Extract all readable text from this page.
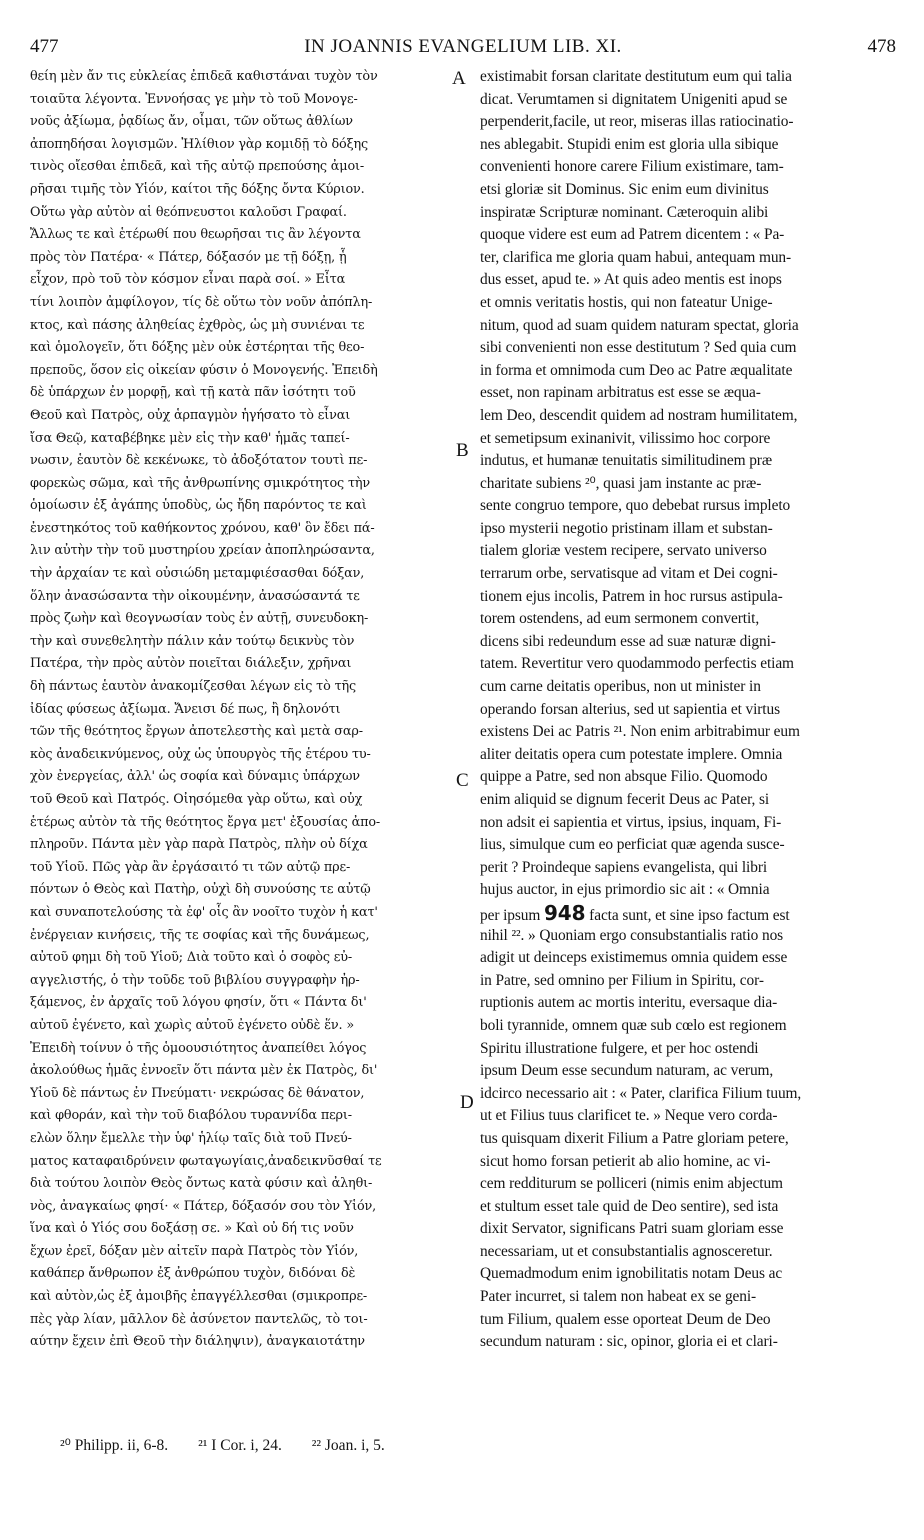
477	IN JOANNIS EVANGELIUM LIB. XI.	478
θείη μὲν ἄν τις εὐκλείας ἐπιδεᾶ καθιστάναι τυχὸν τὸν
τοιαῦτα λέγοντα. Ἐννοήσας γε μὴν τὸ τοῦ Μονογε-
νοῦς ἀξίωμα, ῥᾳδίως ἄν, οἶμαι, τῶν οὕτως ἀθλίων
ἀποπηδήσαι λογισμῶν. Ἠλίθιον γὰρ κομιδῇ τὸ δόξης
τινὸς οἴεσθαι ἐπιδεᾶ, καὶ τῆς αὐτῷ πρεπούσης ἀμοι-
ρῆσαι τιμῆς τὸν Υἱόν, καίτοι τῆς δόξης ὄντα Κύριον.
Οὕτω γὰρ αὐτὸν αἱ θεόπνευστοι καλοῦσι Γραφαί.
Ἄλλως τε καὶ ἑτέρωθί που θεωρῆσαι τις ἂν λέγοντα
πρὸς τὸν Πατέρα· « Πάτερ, δόξασόν με τῇ δόξῃ, ᾗ
εἶχον, πρὸ τοῦ τὸν κόσμον εἶναι παρὰ σοί. » Εἶτα
τίνι λοιπὸν ἀμφίλογον, τίς δὲ οὕτω τὸν νοῦν ἀπόπλη-
κτος, καὶ πάσης ἀληθείας ἐχθρὸς, ὡς μὴ συνιέναι τε
καὶ ὁμολογεῖν, ὅτι δόξης μὲν οὐκ ἐστέρηται τῆς θεο-
πρεποῦς, ὅσον εἰς οἰκείαν φύσιν ὁ Μονογενής. Ἐπειδὴ
δὲ ὑπάρχων ἐν μορφῇ, καὶ τῇ κατὰ πᾶν ἰσότητι τοῦ
Θεοῦ καὶ Πατρὸς, οὐχ ἁρπαγμὸν ἡγήσατο τὸ εἶναι
ἴσα Θεῷ, καταβέβηκε μὲν εἰς τὴν καθ' ἡμᾶς ταπεί-
νωσιν, ἑαυτὸν δὲ κεκένωκε, τὸ ἀδοξότατον τουτὶ πε-
φορεκὼς σῶμα, καὶ τῆς ἀνθρωπίνης σμικρότητος τὴν
ὁμοίωσιν ἐξ ἀγάπης ὑποδὺς, ὡς ἤδη παρόντος τε καὶ
ἐνεστηκότος τοῦ καθήκοντος χρόνου, καθ' ὃν ἔδει πά-
λιν αὐτὴν τὴν τοῦ μυστηρίου χρείαν ἀποπληρώσαντα,
τὴν ἀρχαίαν τε καὶ οὐσιώδη μεταμφιέσασθαι δόξαν,
ὅλην ἀνασώσαντα τὴν οἰκουμένην, ἀνασώσαντά τε
πρὸς ζωὴν καὶ θεογνωσίαν τοὺς ἐν αὐτῇ, συνευδοκη-
τὴν καὶ συνεθελητὴν πάλιν κἀν τούτῳ δεικνὺς τὸν
Πατέρα, τὴν πρὸς αὐτὸν ποιεῖται διάλεξιν, χρῆναι
δὴ πάντως ἑαυτὸν ἀνακομίζεσθαι λέγων εἰς τὸ τῆς
ἰδίας φύσεως ἀξίωμα. Ἄνεισι δέ πως, ἢ δηλονότι
τῶν τῆς θεότητος ἔργων ἀποτελεστὴς καὶ μετὰ σαρ-
κὸς ἀναδεικνύμενος, οὐχ ὡς ὑπουργὸς τῆς ἑτέρου τυ-
χὸν ἐνεργείας, ἀλλ' ὡς σοφία καὶ δύναμις ὑπάρχων
τοῦ Θεοῦ καὶ Πατρός. Οἰησόμεθα γὰρ οὕτω, καὶ οὐχ
ἑτέρως αὐτὸν τὰ τῆς θεότητος ἔργα μετ' ἐξουσίας ἀπο-
πληροῦν. Πάντα μὲν γὰρ παρὰ Πατρὸς, πλὴν οὐ δίχα
τοῦ Υἱοῦ. Πῶς γὰρ ἂν ἐργάσαιτό τι τῶν αὐτῷ πρε-
πόντων ὁ Θεὸς καὶ Πατὴρ, οὐχὶ δὴ συνούσης τε αὐτῷ
καὶ συναποτελούσης τὰ ἐφ' οἷς ἂν νοοῖτο τυχὸν ἡ κατ'
ἐνέργειαν κινήσεις, τῆς τε σοφίας καὶ τῆς δυνάμεως,
αὐτοῦ φημι δὴ τοῦ Υἱοῦ; Διὰ τοῦτο καὶ ὁ σοφὸς εὐ-
αγγελιστής, ὁ τὴν τοῦδε τοῦ βιβλίου συγγραφὴν ἠρ-
ξάμενος, ἐν ἀρχαῖς τοῦ λόγου φησίν, ὅτι « Πάντα δι'
αὐτοῦ ἐγένετο, καὶ χωρὶς αὐτοῦ ἐγένετο οὐδὲ ἕν. »
Ἐπειδὴ τοίνυν ὁ τῆς ὁμοουσιότητος ἀναπείθει λόγος
ἀκολούθως ἡμᾶς ἐννοεῖν ὅτι πάντα μὲν ἐκ Πατρὸς, δι'
Υἱοῦ δὲ πάντως ἐν Πνεύματι· νεκρώσας δὲ θάνατον,
καὶ φθοράν, καὶ τὴν τοῦ διαβόλου τυραννίδα περι-
ελὼν ὅλην ἔμελλε τὴν ὑφ' ἡλίῳ ταῖς διὰ τοῦ Πνεύ-
ματος καταφαιδρύνειν φωταγωγίαις,ἀναδεικνῦσθαί τε
διὰ τούτου λοιπὸν Θεὸς ὄντως κατὰ φύσιν καὶ ἀληθι-
νὸς, ἀναγκαίως φησί· « Πάτερ, δόξασόν σου τὸν Υἱόν,
ἵνα καὶ ὁ Υἱός σου δοξάσῃ σε. » Καὶ οὐ δή τις νοῦν
ἔχων ἐρεῖ, δόξαν μὲν αἰτεῖν παρὰ Πατρὸς τὸν Υἱόν,
καθάπερ ἄνθρωπον ἐξ ἀνθρώπου τυχὸν, διδόναι δὲ
καὶ αὐτὸν,ὡς ἐξ ἀμοιβῆς ἐπαγγέλλεσθαι (σμικροπρε-
πὲς γὰρ λίαν, μᾶλλον δὲ ἀσύνετον παντελῶς, τὸ τοι-
αύτην ἔχειν ἐπὶ Θεοῦ τὴν διάληψιν), ἀναγκαιοτάτην
existimabit forsan claritate destitutum eum qui talia
dicat. Verumtamen si dignitatem Unigeniti apud se
perpenderit,facile, ut reor, miseras illas ratiocinatio-
nes ablegabit. Stupidi enim est gloria ulla sibique
convenienti honore carere Filium existimare, tam-
etsi gloriæ sit Dominus. Sic enim eum divinitus
inspiratæ Scripturæ nominant. Cæteroquin alibi
quoque videre est eum ad Patrem dicentem : « Pa-
ter, clarifica me gloria quam habui, antequam mun-
dus esset, apud te. » At quis adeo mentis est inops
et omnis veritatis hostis, qui non fateatur Unige-
nitum, quod ad suam quidem naturam spectat, gloria
sibi convenienti non esse destitutum ? Sed quia cum
in forma et omnimoda cum Deo ac Patre æqualitate
esset, non rapinam arbitratus est esse se æqua-
lem Deo, descendit quidem ad nostram humilitatem,
et semetipsum exinanivit, vilissimo hoc corpore
indutus, et humanæ tenuitatis similitudinem præ
charitate subiens ²⁰, quasi jam instante ac præ-
sente congruo tempore, quo debebat rursus impleto
ipso mysterii negotio pristinam illam et substan-
tialem gloriæ vestem recipere, servato universo
terrarum orbe, servatisque ad vitam et Dei cogni-
tionem ejus incolis, Patrem in hoc rursus astipula-
torem ostendens, ad eum sermonem convertit,
dicens sibi redeundum esse ad suæ naturæ digni-
tatem. Revertitur vero quodammodo perfectis etiam
cum carne deitatis operibus, non ut minister in
operando forsan alterius, sed ut sapientia et virtus
existens Dei ac Patris ²¹. Non enim arbitrabimur eum
aliter deitatis opera cum potestate implere. Omnia
quippe a Patre, sed non absque Filio. Quomodo
enim aliquid se dignum fecerit Deus ac Pater, si
non adsit ei sapientia et virtus, ipsius, inquam, Fi-
lius, simulque cum eo perficiat quæ agenda susce-
perit ? Proindeque sapiens evangelista, qui libri
hujus auctor, in ejus primordio sic ait : « Omnia
per ipsum 948 facta sunt, et sine ipso factum est
nihil ²². » Quoniam ergo consubstantialis ratio nos
adigit ut deinceps existimemus omnia quidem esse
in Patre, sed omnino per Filium in Spiritu, cor-
ruptionis autem ac mortis interitu, eversaque dia-
boli tyrannide, omnem quæ sub cœlo est regionem
Spiritu illustratione fulgere, et per hoc ostendi
ipsum Deum esse secundum naturam, ac verum,
idcirco necessario ait : « Pater, clarifica Filium tuum,
ut et Filius tuus clarificet te. » Neque vero corda-
tus quisquam dixerit Filium a Patre gloriam petere,
sicut homo forsan petierit ab alio homine, ac vi-
cem redditurum se polliceri (nimis enim abjectum
et stultum esset tale quid de Deo sentire), sed ista
dixit Servator, significans Patri suam gloriam esse
necessariam, ut et consubstantialis agnosceretur.
Quemadmodum enim ignobilitatis notam Deus ac
Pater incurret, si talem non habeat ex se geni-
tum Filium, qualem esse oporteat Deum de Deo
secundum naturam : sic, opinor, gloria ei et clari-
A
B
C
D
²⁰ Philipp. ii, 6-8. ²¹ I Cor. i, 24. ²² Joan. i, 5.
